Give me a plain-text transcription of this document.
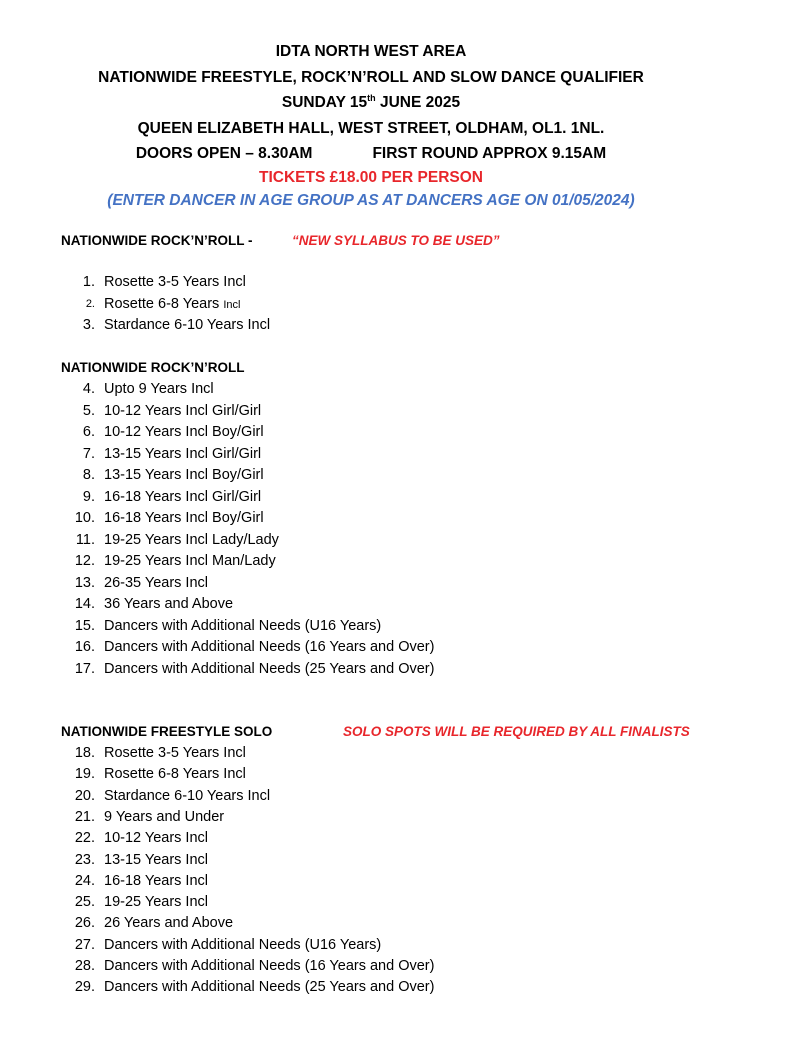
IDTA NORTH WEST AREA
NATIONWIDE FREESTYLE, ROCK’N’ROLL AND SLOW DANCE QUALIFIER
SUNDAY 15th JUNE 2025
QUEEN ELIZABETH HALL, WEST STREET, OLDHAM, OL1. 1NL.
DOORS OPEN – 8.30AM	FIRST ROUND APPROX 9.15AM
TICKETS £18.00 PER PERSON
(ENTER DANCER IN AGE GROUP AS AT DANCERS AGE ON 01/05/2024)
NATIONWIDE ROCK’N’ROLL -	“NEW SYLLABUS TO BE USED”
1. Rosette 3-5 Years Incl
2. Rosette 6-8 Years Incl
3. Stardance 6-10 Years Incl
NATIONWIDE ROCK’N’ROLL
4. Upto 9 Years Incl
5. 10-12 Years Incl Girl/Girl
6. 10-12 Years Incl Boy/Girl
7. 13-15 Years Incl Girl/Girl
8. 13-15 Years Incl Boy/Girl
9. 16-18 Years Incl Girl/Girl
10. 16-18 Years Incl Boy/Girl
11. 19-25 Years Incl Lady/Lady
12. 19-25 Years Incl Man/Lady
13. 26-35 Years Incl
14. 36 Years and Above
15. Dancers with Additional Needs (U16 Years)
16. Dancers with Additional Needs (16 Years and Over)
17. Dancers with Additional Needs (25 Years and Over)
NATIONWIDE FREESTYLE SOLO	SOLO SPOTS WILL BE REQUIRED BY ALL FINALISTS
18. Rosette 3-5 Years Incl
19. Rosette 6-8 Years Incl
20. Stardance 6-10 Years Incl
21. 9 Years and Under
22. 10-12 Years Incl
23. 13-15 Years Incl
24. 16-18 Years Incl
25. 19-25 Years Incl
26. 26 Years and Above
27. Dancers with Additional Needs (U16 Years)
28. Dancers with Additional Needs (16 Years and Over)
29. Dancers with Additional Needs (25 Years and Over)
